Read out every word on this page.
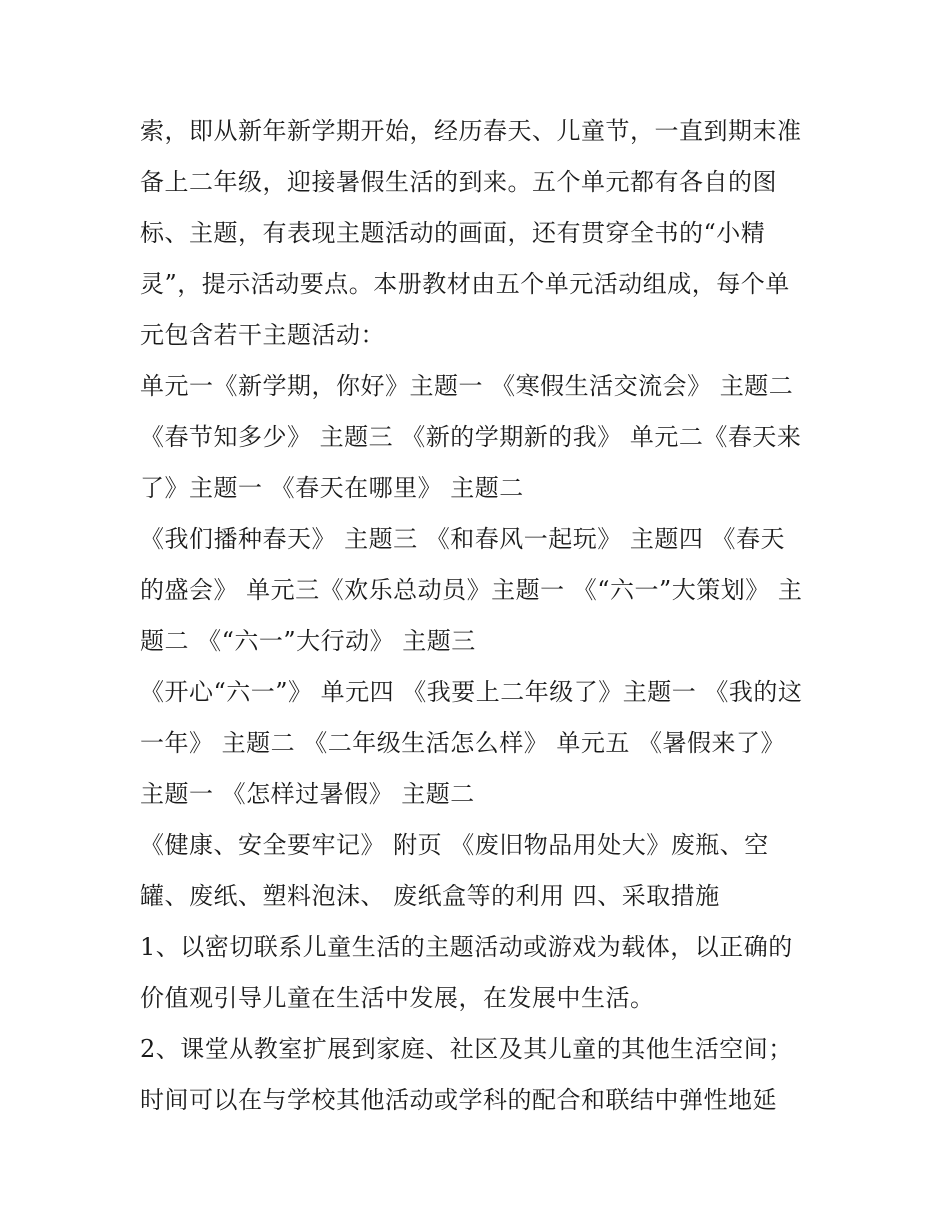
索，即从新年新学期开始，经历春天、儿童节，一直到期末准
备上二年级，迎接暑假生活的到来。五个单元都有各自的图
标、主题，有表现主题活动的画面，还有贯穿全书的“小精
灵”，提示活动要点。本册教材由五个单元活动组成，每个单
元包含若干主题活动：
单元一《新学期，你好》主题一 《寒假生活交流会》 主题二
《春节知多少》 主题三 《新的学期新的我》 单元二《春天来
了》主题一 《春天在哪里》 主题二
《我们播种春天》 主题三 《和春风一起玩》 主题四 《春天
的盛会》 单元三《欢乐总动员》主题一 《“六一”大策划》 主
题二 《“六一”大行动》 主题三
《开心“六一”》 单元四 《我要上二年级了》主题一 《我的这
一年》 主题二 《二年级生活怎么样》 单元五 《暑假来了》
主题一 《怎样过暑假》 主题二
《健康、安全要牢记》 附页 《废旧物品用处大》废瓶、空
罐、废纸、塑料泡沫、 废纸盒等的利用 四、采取措施
1、以密切联系儿童生活的主题活动或游戏为载体，以正确的
价值观引导儿童在生活中发展，在发展中生活。
2、课堂从教室扩展到家庭、社区及其儿童的其他生活空间；
时间可以在与学校其他活动或学科的配合和联结中弹性地延
